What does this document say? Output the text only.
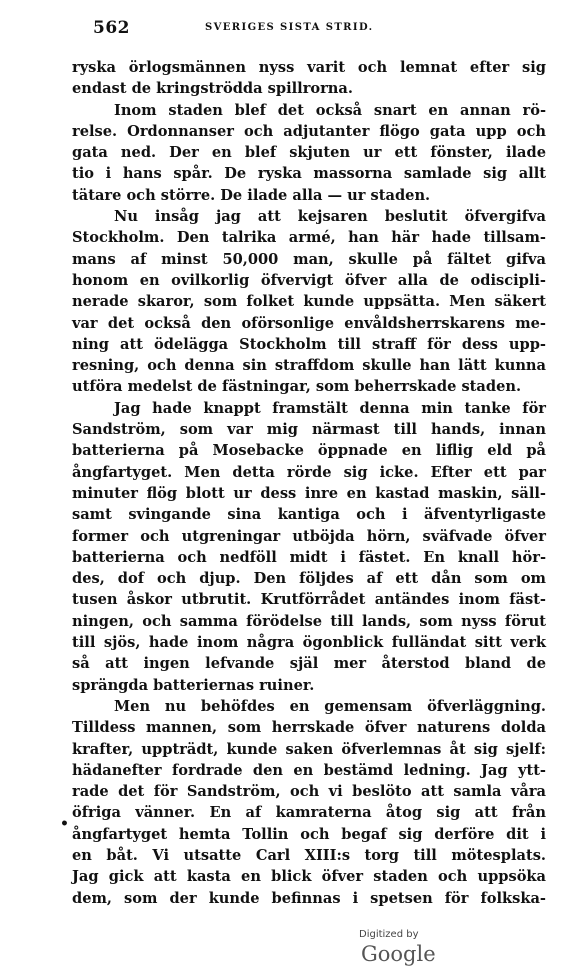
562	SVERIGES SISTA STRID.
ryska örlogsmännen nyss varit och lemnat efter sig
endast de kringströdda spillrorna.
Inom staden blef det också snart en annan rö-
relse. Ordonnanser och adjutanter flögo gata upp och
gata ned. Der en blef skjuten ur ett fönster, ilade
tio i hans spår. De ryska massorna samlade sig allt
tätare och större. De ilade alla — ur staden.
Nu insåg jag att kejsaren beslutit öfvergifva
Stockholm. Den talrika armé, han här hade tillsam-
mans af minst 50,000 man, skulle på fältet gifva
honom en ovilkorlig öfvervigt öfver alla de odiscipli-
nerade skaror, som folket kunde uppsätta. Men säkert
var det också den oförsonlige envåldsherrskarens me-
ning att ödelägga Stockholm till straff för dess upp-
resning, och denna sin straffdom skulle han lätt kunna
utföra medelst de fästningar, som beherrskade staden.
Jag hade knappt framstält denna min tanke för
Sandström, som var mig närmast till hands, innan
batterierna på Mosebacke öppnade en liflig eld på
ångfartyget. Men detta rörde sig icke. Efter ett par
minuter flög blott ur dess inre en kastad maskin, säll-
samt svingande sina kantiga och i äfventyrligaste
former och utgreningar utböjda hörn, sväfvade öfver
batterierna och nedföll midt i fästet. En knall hör-
des, dof och djup. Den följdes af ett dån som om
tusen åskor utbrutit. Krutförrådet antändes inom fäst-
ningen, och samma förödelse till lands, som nyss förut
till sjös, hade inom några ögonblick fulländat sitt verk
så att ingen lefvande själ mer återstod bland de
sprängda batteriernas ruiner.
Men nu behöfdes en gemensam öfverläggning.
Tilldess mannen, som herrskade öfver naturens dolda
krafter, uppträdt, kunde saken öfverlemnas åt sig sjelf:
hädanefter fordrade den en bestämd ledning. Jag ytt-
rade det för Sandström, och vi beslöto att samla våra
öfriga vänner. En af kamraterna åtog sig att från
ångfartyget hemta Tollin och begaf sig derföre dit i
en båt. Vi utsatte Carl XIII:s torg till mötesplats.
Jag gick att kasta en blick öfver staden och uppsöka
dem, som der kunde befinnas i spetsen för folkska-
•
Digitized by Google
